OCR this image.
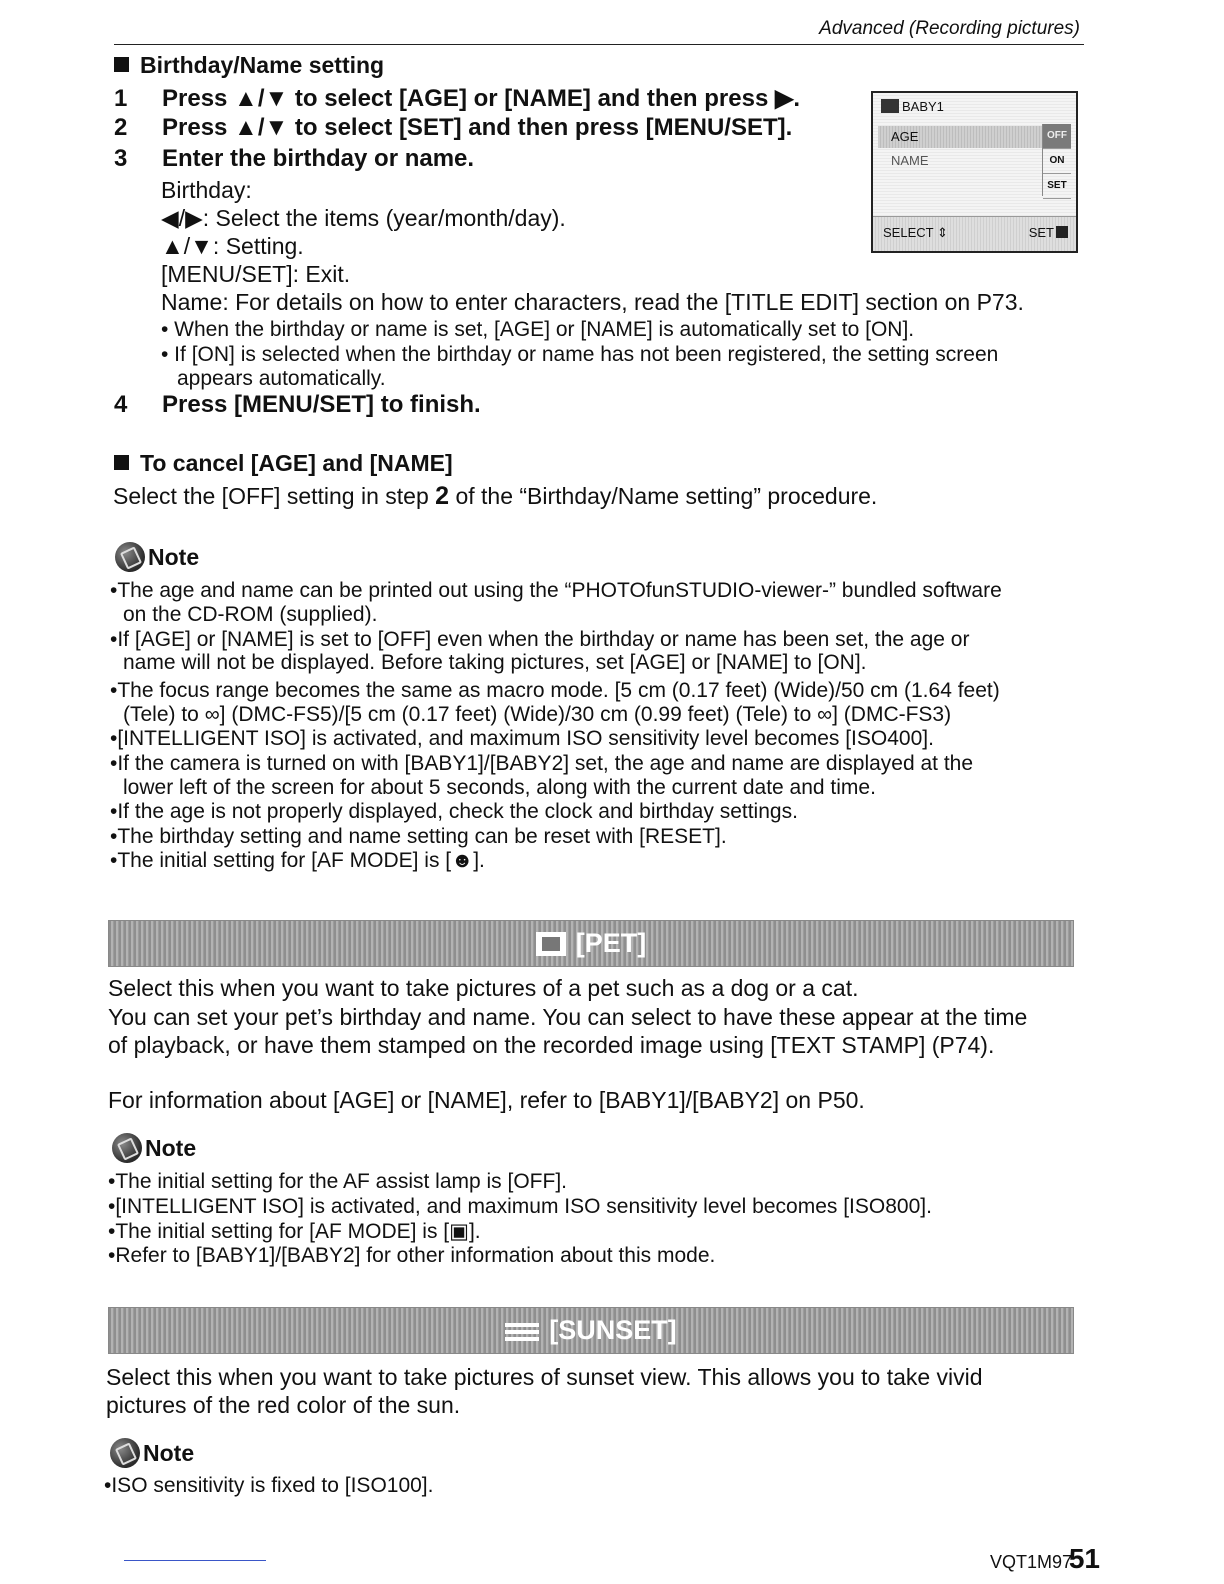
Advanced (Recording pictures)
Birthday/Name setting
1 Press ▲/▼ to select [AGE] or [NAME] and then press ▶.
2 Press ▲/▼ to select [SET] and then press [MENU/SET].
3 Enter the birthday or name.
Birthday:
◀/▶: Select the items (year/month/day).
▲/▼: Setting.
[MENU/SET]: Exit.
Name: For details on how to enter characters, read the [TITLE EDIT] section on P73.
• When the birthday or name is set, [AGE] or [NAME] is automatically set to [ON].
• If [ON] is selected when the birthday or name has not been registered, the setting screen
appears automatically.
4 Press [MENU/SET] to finish.
BABY1
AGE
NAME
OFF
ON
SET
SELECT ⇕	SET
To cancel [AGE] and [NAME]
Select the [OFF] setting in step 2 of the “Birthday/Name setting” procedure.
Note
•The age and name can be printed out using the “PHOTOfunSTUDIO-viewer-” bundled software
on the CD-ROM (supplied).
•If [AGE] or [NAME] is set to [OFF] even when the birthday or name has been set, the age or
name will not be displayed. Before taking pictures, set [AGE] or [NAME] to [ON].
•The focus range becomes the same as macro mode. [5 cm (0.17 feet) (Wide)/50 cm (1.64 feet)
(Tele) to ∞] (DMC-FS5)/[5 cm (0.17 feet) (Wide)/30 cm (0.99 feet) (Tele) to ∞] (DMC-FS3)
•[INTELLIGENT ISO] is activated, and maximum ISO sensitivity level becomes [ISO400].
•If the camera is turned on with [BABY1]/[BABY2] set, the age and name are displayed at the
lower left of the screen for about 5 seconds, along with the current date and time.
•If the age is not properly displayed, check the clock and birthday settings.
•The birthday setting and name setting can be reset with [RESET].
•The initial setting for [AF MODE] is [☻].
[PET]
Select this when you want to take pictures of a pet such as a dog or a cat.
You can set your pet’s birthday and name. You can select to have these appear at the time
of playback, or have them stamped on the recorded image using [TEXT STAMP] (P74).
For information about [AGE] or [NAME], refer to [BABY1]/[BABY2] on P50.
Note
•The initial setting for the AF assist lamp is [OFF].
•[INTELLIGENT ISO] is activated, and maximum ISO sensitivity level becomes [ISO800].
•The initial setting for [AF MODE] is [▣].
•Refer to [BABY1]/[BABY2] for other information about this mode.
[SUNSET]
Select this when you want to take pictures of sunset view. This allows you to take vivid
pictures of the red color of the sun.
Note
•ISO sensitivity is fixed to [ISO100].
VQT1M97
51
